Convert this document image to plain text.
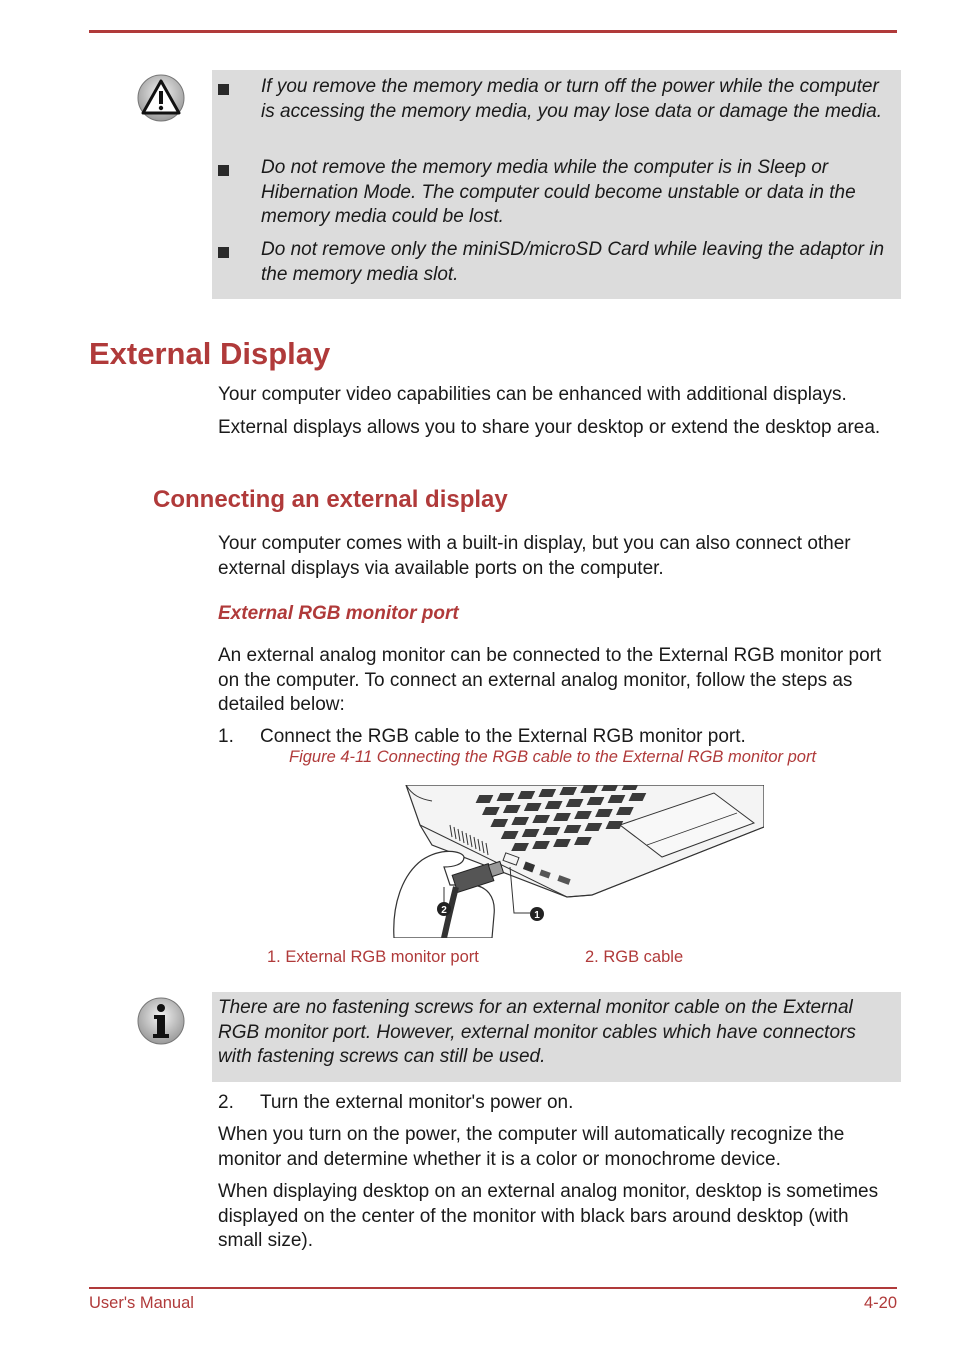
If you remove the memory media or turn off the power while the computer is accessing the memory media, you may lose data or damage the media.
Do not remove the memory media while the computer is in Sleep or Hibernation Mode. The computer could become unstable or data in the memory media could be lost.
Do not remove only the miniSD/microSD Card while leaving the adaptor in the memory media slot.
External Display

Your computer video capabilities can be enhanced with additional displays.

External displays allows you to share your desktop or extend the desktop area.

Connecting an external display

Your computer comes with a built-in display, but you can also connect other external displays via available ports on the computer.

External RGB monitor port

An external analog monitor can be connected to the External RGB monitor port on the computer. To connect an external analog monitor, follow the steps as detailed below:

1. Connect the RGB cable to the External RGB monitor port.
Figure 4-11 Connecting the RGB cable to the External RGB monitor port
2	1
1. External RGB monitor port	2. RGB cable
There are no fastening screws for an external monitor cable on the External RGB monitor port. However, external monitor cables which have connectors with fastening screws can still be used.
2. Turn the external monitor's power on.

When you turn on the power, the computer will automatically recognize the monitor and determine whether it is a color or monochrome device.

When displaying desktop on an external analog monitor, desktop is sometimes displayed on the center of the monitor with black bars around desktop (with small size).

User's Manual	4-20
